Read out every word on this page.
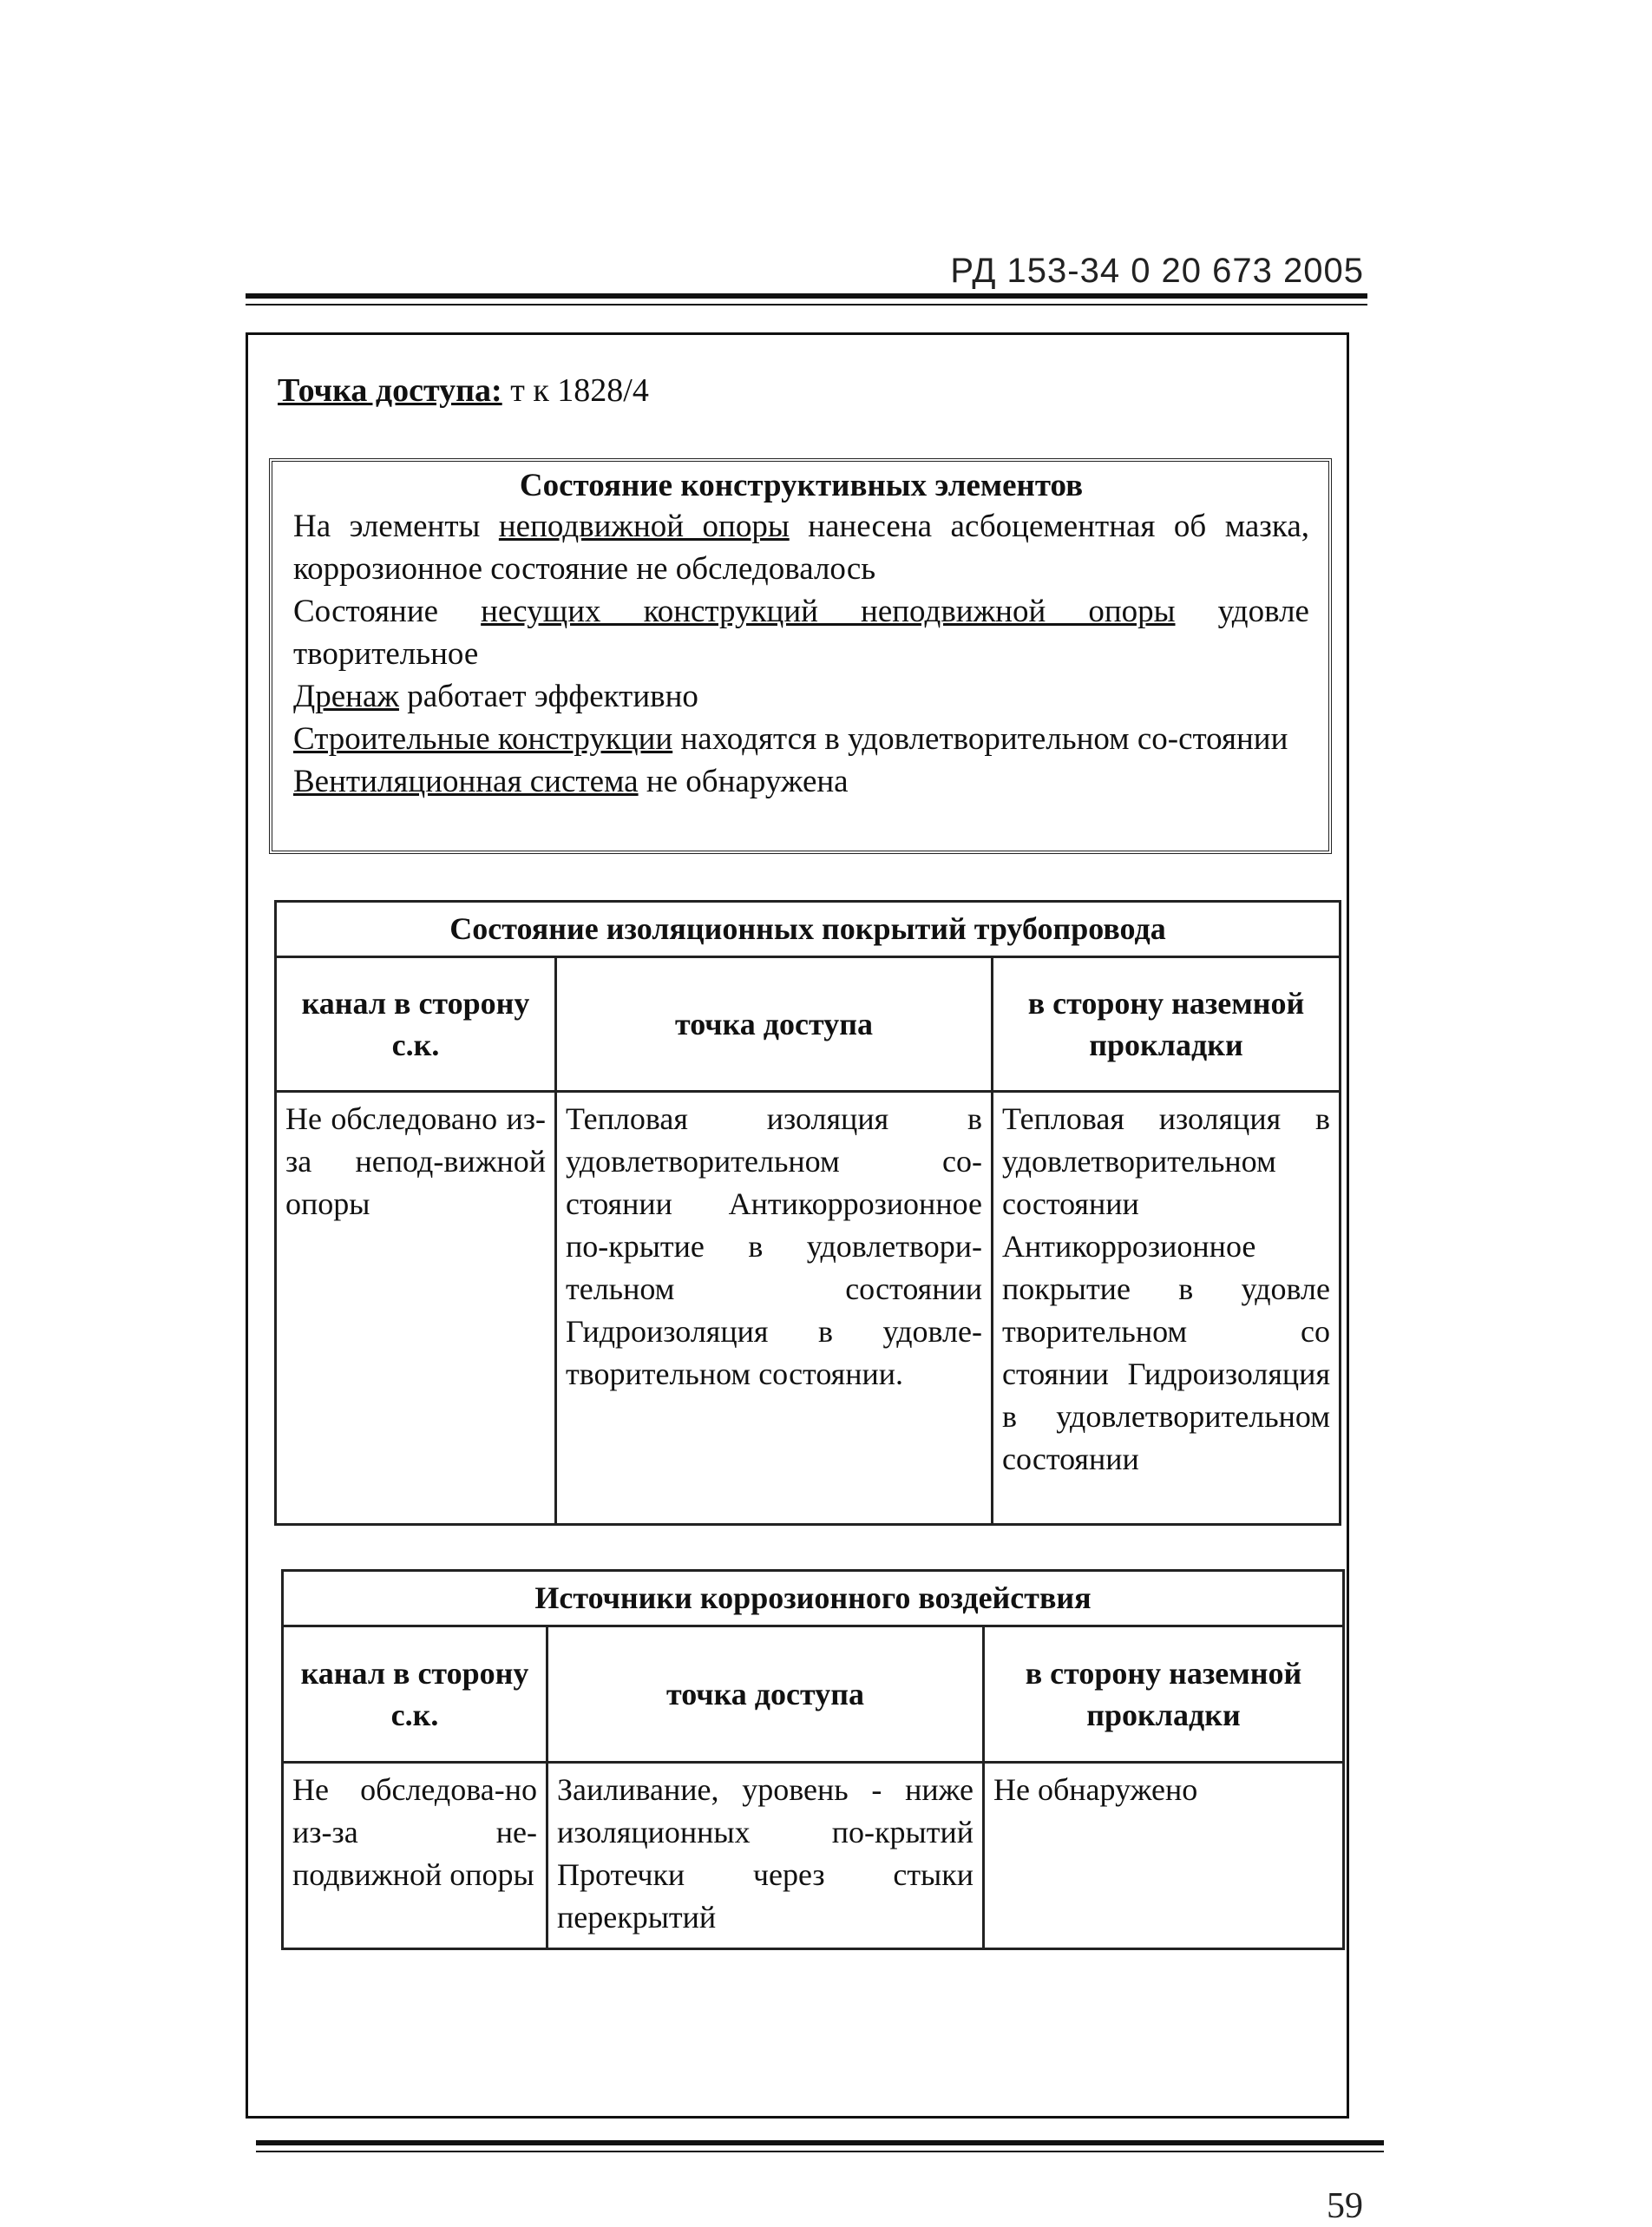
РД 153-34 0 20 673 2005
Точка доступа: т к 1828/4
Состояние конструктивных элементов
На элементы неподвижной опоры нанесена асбоцементная об мазка, коррозионное состояние не обследовалось
Состояние несущих конструкций неподвижной опоры удовле творительное
Дренаж работает эффективно
Строительные конструкции находятся в удовлетворительном со-стоянии
Вентиляционная система не обнаружена
Состояние изоляционных покрытий трубопровода		
канал в сторону с.к.	точка доступа	в сторону наземной прокладки
Не обследовано из-за непод-вижной опоры	Тепловая изоляция в удовлетворительном со-стоянии Антикоррозионное по-крытие в удовлетвори-тельном состоянии Гидроизоляция в удовле-творительном состоянии.	Тепловая изоляция в удовлетворительном состоянии Антикоррозионное покрытие в удовле творительном со стоянии Гидроизоляция в удовлетворительном состоянии
Источники коррозионного воздействия		
канал в сторону с.к.	точка доступа	в сторону наземной прокладки
Не обследова-но из-за не-подвижной опоры	Заиливание, уровень - ниже изоляционных по-крытий Протечки через стыки перекрытий	Не обнаружено
59
